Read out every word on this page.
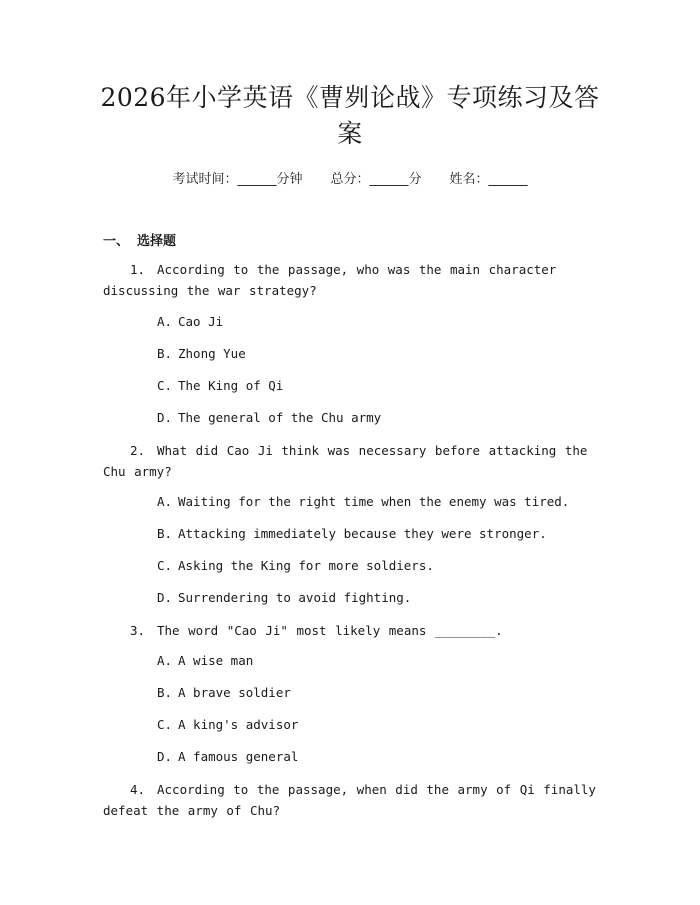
2026年小学英语《曹刿论战》专项练习及答案
考试时间：______分钟 总分：______分 姓名：______
一、 选择题
1. According to the passage, who was the main character discussing the war strategy?
A. Cao Ji
B. Zhong Yue
C. The King of Qi
D. The general of the Chu army
2. What did Cao Ji think was necessary before attacking the Chu army?
A. Waiting for the right time when the enemy was tired.
B. Attacking immediately because they were stronger.
C. Asking the King for more soldiers.
D. Surrendering to avoid fighting.
3. The word "Cao Ji" most likely means ________.
A. A wise man
B. A brave soldier
C. A king's advisor
D. A famous general
4. According to the passage, when did the army of Qi finally defeat the army of Chu?
